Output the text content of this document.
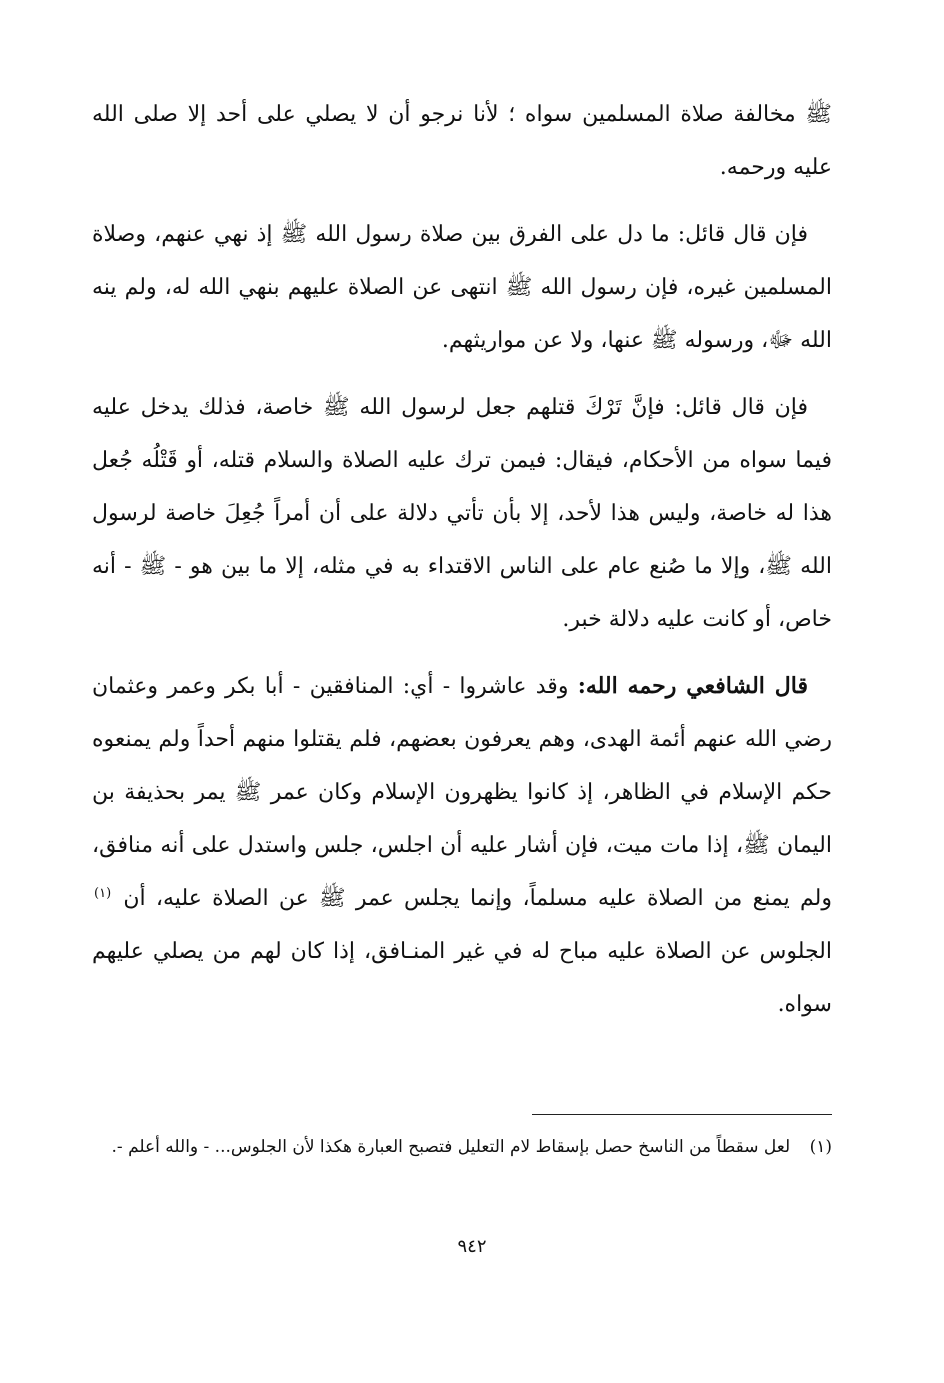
ﷺ مخالفة صلاة المسلمين سواه ؛ لأنا نرجو أن لا يصلي على أحد إلا صلى الله عليه ورحمه.

فإن قال قائل: ما دل على الفرق بين صلاة رسول الله ﷺ إذ نهي عنهم، وصلاة المسلمين غيره، فإن رسول الله ﷺ انتهى عن الصلاة عليهم بنهي الله له، ولم ينه الله ﷻ، ورسوله ﷺ عنها، ولا عن مواريثهم.

فإن قال قائل: فإنَّ تَرْكَ قتلهم جعل لرسول الله ﷺ خاصة، فذلك يدخل عليه فيما سواه من الأحكام، فيقال: فيمن ترك عليه الصلاة والسلام قتله، أو قَتْلُه جُعل هذا له خاصة، وليس هذا لأحد، إلا بأن تأتي دلالة على أن أمراً جُعِلَ خاصة لرسول الله ﷺ، وإلا ما صُنع عام على الناس الاقتداء به في مثله، إلا ما بين هو - ﷺ - أنه خاص، أو كانت عليه دلالة خبر.

قال الشافعي رحمه الله: وقد عاشروا - أي: المنافقين - أبا بكر وعمر وعثمان رضي الله عنهم أئمة الهدى، وهم يعرفون بعضهم، فلم يقتلوا منهم أحداً ولم يمنعوه حكم الإسلام في الظاهر، إذ كانوا يظهرون الإسلام وكان عمر ﷺ يمر بحذيفة بن اليمان ﷺ، إذا مات ميت، فإن أشار عليه أن اجلس، جلس واستدل على أنه منافق، ولم يمنع من الصلاة عليه مسلماً، وإنما يجلس عمر ﷺ عن الصلاة عليه، أن $^{(١)}$ الجلوس عن الصلاة عليه مباح له في غير المنـافق، إذا كان لهم من يصلي عليهم سواه.

(١) لعل سقطاً من الناسخ حصل بإسقاط لام التعليل فتصبح العبارة هكذا لأن الجلوس... - والله أعلم -.
٩٤٢
